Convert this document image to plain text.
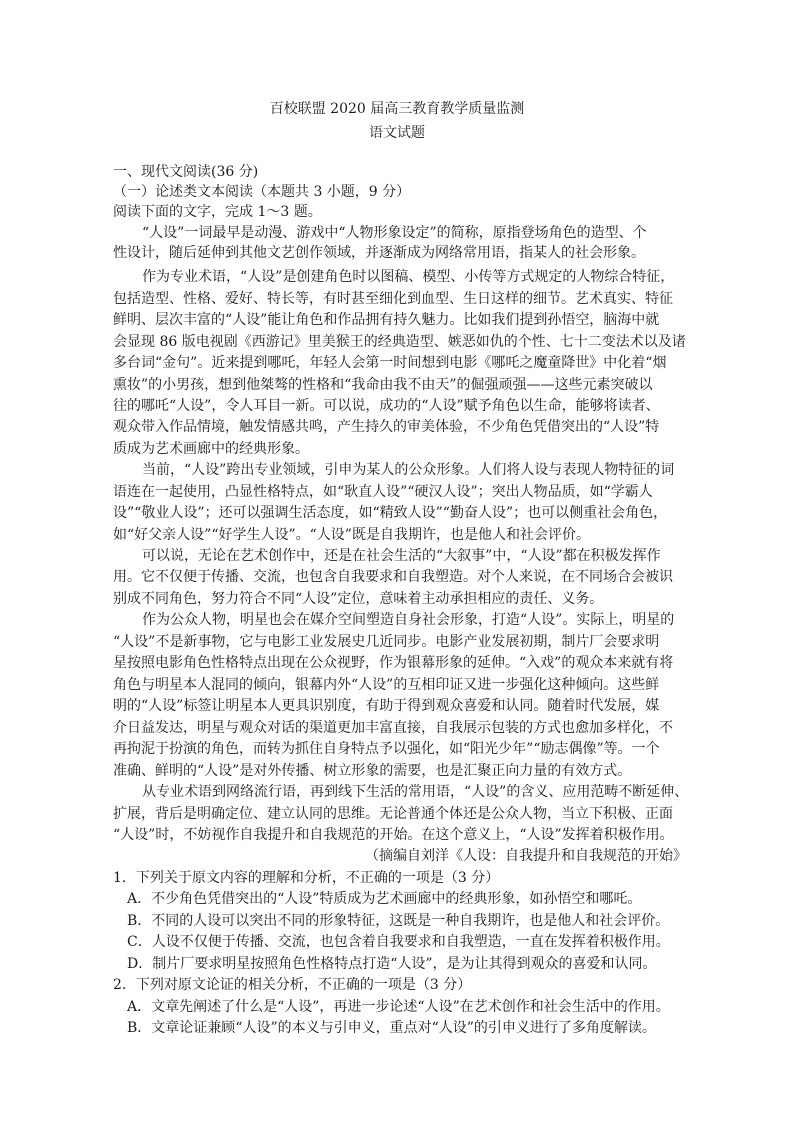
百校联盟 2020 届高三教育教学质量监测
语文试题
一、现代文阅读(36 分)
（一）论述类文本阅读（本题共 3 小题，9 分）
阅读下面的文字，完成 1～3 题。
“人设”一词最早是动漫、游戏中“人物形象设定”的简称，原指登场角色的造型、个
性设计，随后延伸到其他文艺创作领域，并逐渐成为网络常用语，指某人的社会形象。
作为专业术语，“人设”是创建角色时以图稿、模型、小传等方式规定的人物综合特征，
包括造型、性格、爱好、特长等，有时甚至细化到血型、生日这样的细节。艺术真实、特征
鲜明、层次丰富的“人设”能让角色和作品拥有持久魅力。比如我们提到孙悟空，脑海中就
会显现 86 版电视剧《西游记》里美猴王的经典造型、嫉恶如仇的个性、七十二变法术以及诸
多台词“金句”。近来提到哪吒，年轻人会第一时间想到电影《哪吒之魔童降世》中化着“烟
熏妆”的小男孩，想到他桀骜的性格和“我命由我不由天”的倔强顽强——这些元素突破以
往的哪吒“人设”，令人耳目一新。可以说，成功的“人设”赋予角色以生命，能够将读者、
观众带入作品情境，触发情感共鸣，产生持久的审美体验，不少角色凭借突出的“人设”特
质成为艺术画廊中的经典形象。
当前，“人设”跨出专业领域，引申为某人的公众形象。人们将人设与表现人物特征的词
语连在一起使用，凸显性格特点，如“耿直人设”“硬汉人设”；突出人物品质，如“学霸人
设”“敬业人设”；还可以强调生活态度，如“精致人设”“勤奋人设”；也可以侧重社会角色，
如“好父亲人设”“好学生人设”。“人设”既是自我期许，也是他人和社会评价。
可以说，无论在艺术创作中，还是在社会生活的“大叙事”中，“人设”都在积极发挥作
用。它不仅便于传播、交流，也包含自我要求和自我塑造。对个人来说，在不同场合会被识
别成不同角色，努力符合不同“人设”定位，意味着主动承担相应的责任、义务。
作为公众人物，明星也会在媒介空间塑造自身社会形象，打造“人设”。实际上，明星的
“人设”不是新事物，它与电影工业发展史几近同步。电影产业发展初期，制片厂会要求明
星按照电影角色性格特点出现在公众视野，作为银幕形象的延伸。“入戏”的观众本来就有将
角色与明星本人混同的倾向，银幕内外“人设”的互相印证又进一步强化这种倾向。这些鲜
明的“人设”标签让明星本人更具识别度，有助于得到观众喜爱和认同。随着时代发展，媒
介日益发达，明星与观众对话的渠道更加丰富直接，自我展示包装的方式也愈加多样化，不
再拘泥于扮演的角色，而转为抓住自身特点予以强化，如“阳光少年”“励志偶像”等。一个
准确、鲜明的“人设”是对外传播、树立形象的需要，也是汇聚正向力量的有效方式。
从专业术语到网络流行语，再到线下生活的常用语，“人设”的含义、应用范畴不断延伸、
扩展，背后是明确定位、建立认同的思维。无论普通个体还是公众人物，当立下积极、正面
“人设”时，不妨视作自我提升和自我规范的开始。在这个意义上，“人设”发挥着积极作用。
（摘编自刘洋《人设：自我提升和自我规范的开始》
1．下列关于原文内容的理解和分析，不正确的一项是（3 分）
A．不少角色凭借突出的“人设”特质成为艺术画廊中的经典形象，如孙悟空和哪吒。
B．不同的人设可以突出不同的形象特征，这既是一种自我期许，也是他人和社会评价。
C．人设不仅便于传播、交流，也包含着自我要求和自我塑造，一直在发挥着积极作用。
D．制片厂要求明星按照角色性格特点打造“人设”，是为让其得到观众的喜爱和认同。
2．下列对原文论证的相关分析，不正确的一项是（3 分）
A．文章先阐述了什么是“人设”，再进一步论述“人设”在艺术创作和社会生活中的作用。
B．文章论证兼顾“人设”的本义与引申义，重点对“人设”的引申义进行了多角度解读。
